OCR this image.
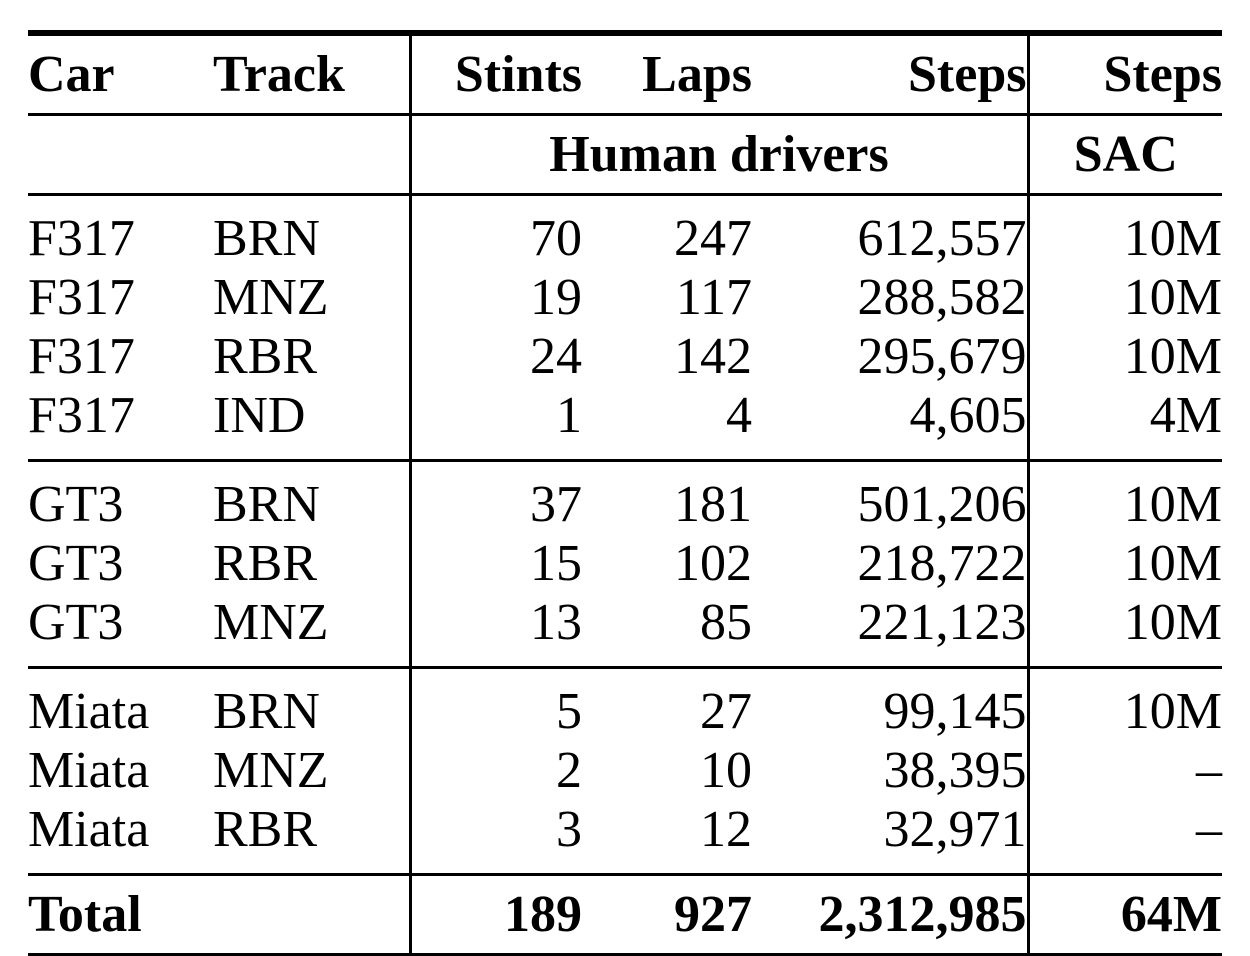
Car	Track	Stints	Laps	Steps	Steps
		Human drivers			SAC
F317	BRN	70	247	612,557	10M
F317	MNZ	19	117	288,582	10M
F317	RBR	24	142	295,679	10M
F317	IND	1	4	4,605	4M
GT3	BRN	37	181	501,206	10M
GT3	RBR	15	102	218,722	10M
GT3	MNZ	13	85	221,123	10M
Miata	BRN	5	27	99,145	10M
Miata	MNZ	2	10	38,395	–
Miata	RBR	3	12	32,971	–
Total		189	927	2,312,985	64M
